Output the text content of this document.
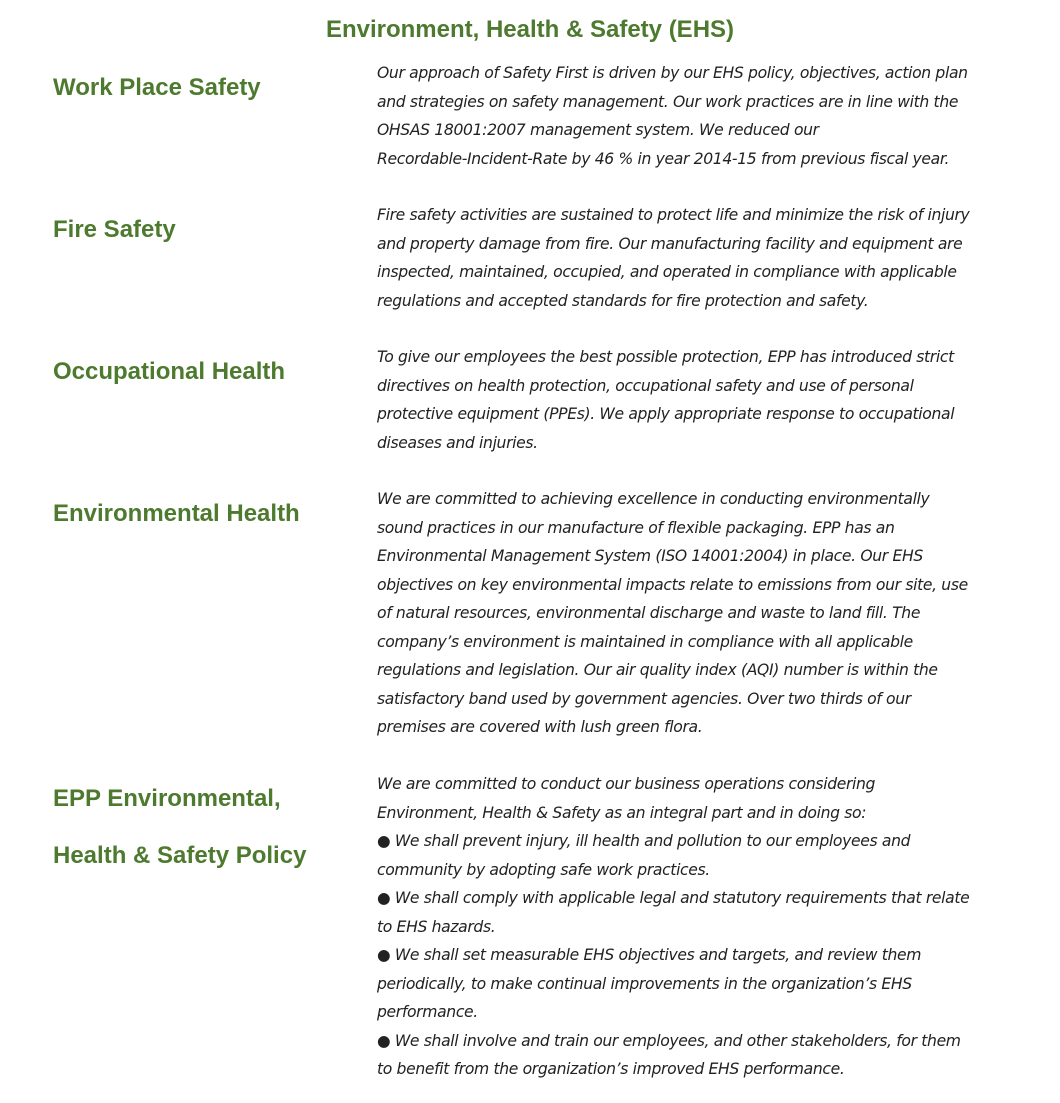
Environment, Health & Safety (EHS)
Work Place Safety
Our approach of Safety First is driven by our EHS policy, objectives, action plan
and strategies on safety management. Our work practices are in line with the
OHSAS 18001:2007 management system. We reduced our
Recordable-Incident-Rate by 46 % in year 2014-15 from previous fiscal year.
Fire Safety
Fire safety activities are sustained to protect life and minimize the risk of injury
and property damage from fire. Our manufacturing facility and equipment are
inspected, maintained, occupied, and operated in compliance with applicable
regulations and accepted standards for fire protection and safety.
Occupational Health
To give our employees the best possible protection, EPP has introduced strict
directives on health protection, occupational safety and use of personal
protective equipment (PPEs). We apply appropriate response to occupational
diseases and injuries.
Environmental Health
We are committed to achieving excellence in conducting environmentally
sound practices in our manufacture of flexible packaging. EPP has an
Environmental Management System (ISO 14001:2004) in place. Our EHS
objectives on key environmental impacts relate to emissions from our site, use
of natural resources, environmental discharge and waste to land fill. The
company’s environment is maintained in compliance with all applicable
regulations and legislation. Our air quality index (AQI) number is within the
satisfactory band used by government agencies. Over two thirds of our
premises are covered with lush green flora.
EPP Environmental,
Health & Safety Policy
We are committed to conduct our business operations considering
Environment, Health & Safety as an integral part and in doing so:
● We shall prevent injury, ill health and pollution to our employees and
community by adopting safe work practices.
● We shall comply with applicable legal and statutory requirements that relate
to EHS hazards.
● We shall set measurable EHS objectives and targets, and review them
periodically, to make continual improvements in the organization’s EHS
performance.
● We shall involve and train our employees, and other stakeholders, for them
to benefit from the organization’s improved EHS performance.
